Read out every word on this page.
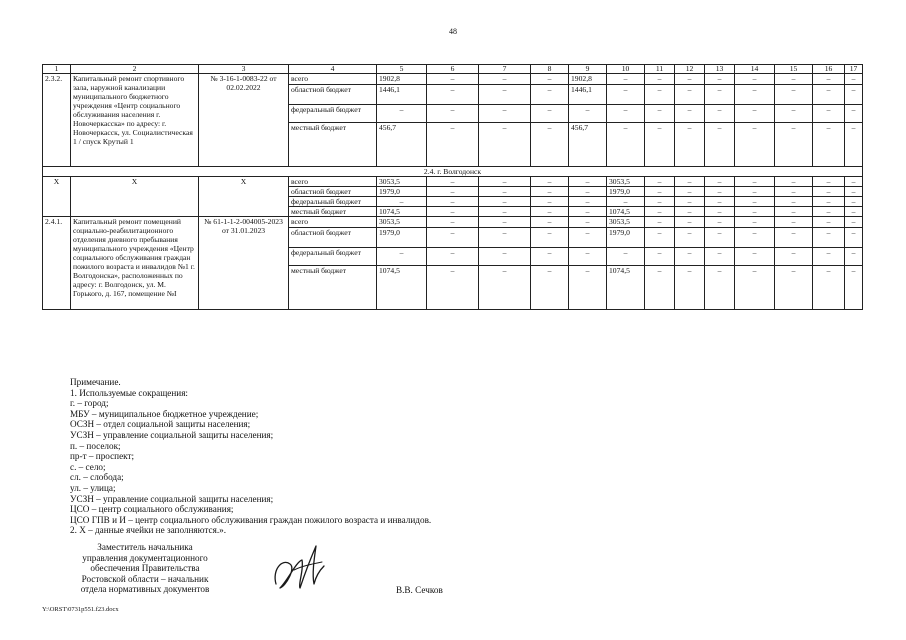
48
1	2	3	4	5	6	7	8	9	10	11	12	13	14	15	16	17
2.3.2.	Капитальный ремонт спортивного зала, наружной канализации муниципального бюджетного учреждения «Центр социального обслуживания населения г. Новочеркасска» по адресу: г. Новочеркасск, ул. Социалистическая 1 / спуск Крутый 1	№ 3-16-1-0083-22 от 02.02.2022	всего	1902,8	–	–	–	1902,8	–	–	–	–	–	–	–	–
			областной бюджет	1446,1	–	–	–	1446,1	–	–	–	–	–	–	–	–
			федеральный бюджет	–	–	–	–	–	–	–	–	–	–	–	–	–
			местный бюджет	456,7	–	–	–	456,7	–	–	–	–	–	–	–	–
2.4. г. Волгодонск																
Х	Х	Х	всего	3053,5	–	–	–	–	3053,5	–	–	–	–	–	–	–
			областной бюджет	1979,0	–	–	–	–	1979,0	–	–	–	–	–	–	–
			федеральный бюджет	–	–	–	–	–	–	–	–	–	–	–	–	–
			местный бюджет	1074,5	–	–	–	–	1074,5	–	–	–	–	–	–	–
2.4.1.	Капитальный ремонт помещений социально-реабилитационного отделения дневного пребывания муниципального учреждения «Центр социального обслуживания граждан пожилого возраста и инвалидов №1 г. Волгодонска», расположенных по адресу: г. Волгодонск, ул. М. Горького, д. 167, помещение №I	№ 61-1-1-2-004005-2023 от 31.01.2023	всего	3053,5	–	–	–	–	3053,5	–	–	–	–	–	–	–
			областной бюджет	1979,0	–	–	–	–	1979,0	–	–	–	–	–	–	–
			федеральный бюджет	–	–	–	–	–	–	–	–	–	–	–	–	–
			местный бюджет	1074,5	–	–	–	–	1074,5	–	–	–	–	–	–	–
Примечание.
1. Используемые сокращения:
г. – город;
МБУ – муниципальное бюджетное учреждение;
ОСЗН – отдел социальной защиты населения;
УСЗН – управление социальной защиты населения;
п. – поселок;
пр-т – проспект;
с. – село;
сл. – слобода;
ул. – улица;
УСЗН – управление социальной защиты населения;
ЦСО – центр социального обслуживания;
ЦСО ГПВ и И – центр социального обслуживания граждан пожилого возраста и инвалидов.
2. Х – данные ячейки не заполняются.».
Заместитель начальника
управления документационного
обеспечения Правительства
Ростовской области – начальник
отдела нормативных документов	В.В. Сечков
Y:\ORST\0731p551.f23.docx
